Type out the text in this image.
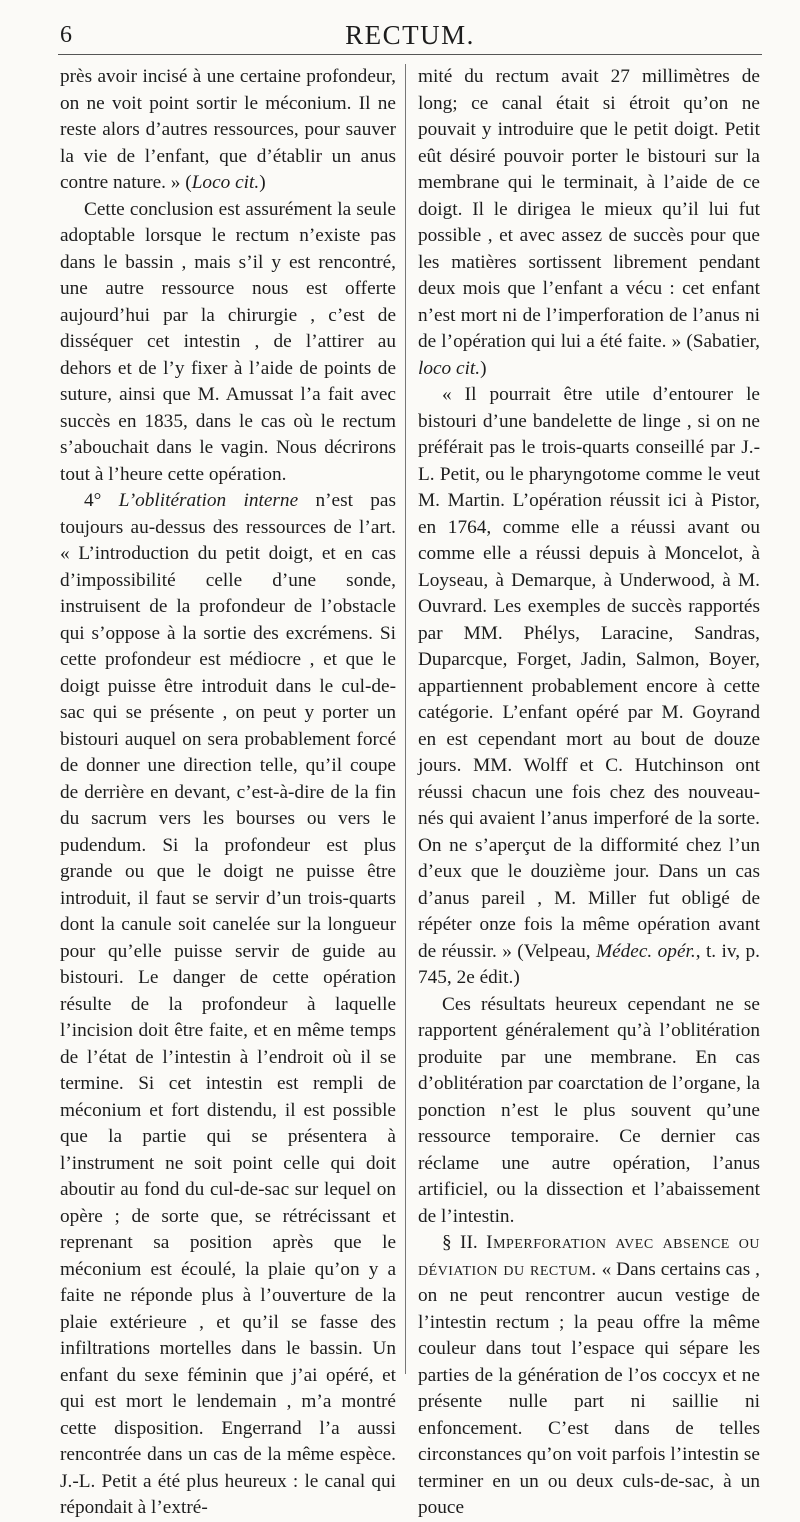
6	RECTUM.

près avoir incisé à une certaine profondeur, on ne voit point sortir le méconium. Il ne reste alors d’autres ressources, pour sauver la vie de l’enfant, que d’établir un anus contre nature. » (Loco cit.)

Cette conclusion est assurément la seule adoptable lorsque le rectum n’existe pas dans le bassin , mais s’il y est rencontré, une autre ressource nous est offerte aujourd’hui par la chirurgie , c’est de disséquer cet intestin , de l’attirer au dehors et de l’y fixer à l’aide de points de suture, ainsi que M. Amussat l’a fait avec succès en 1835, dans le cas où le rectum s’abouchait dans le vagin. Nous décrirons tout à l’heure cette opération.

4° L’oblitération interne n’est pas toujours au-dessus des ressources de l’art. « L’introduction du petit doigt, et en cas d’impossibilité celle d’une sonde, instruisent de la profondeur de l’obstacle qui s’oppose à la sortie des excrémens. Si cette profondeur est médiocre , et que le doigt puisse être introduit dans le cul-de-sac qui se présente , on peut y porter un bistouri auquel on sera probablement forcé de donner une direction telle, qu’il coupe de derrière en devant, c’est-à-dire de la fin du sacrum vers les bourses ou vers le pudendum. Si la profondeur est plus grande ou que le doigt ne puisse être introduit, il faut se servir d’un trois-quarts dont la canule soit canelée sur la longueur pour qu’elle puisse servir de guide au bistouri. Le danger de cette opération résulte de la profondeur à laquelle l’incision doit être faite, et en même temps de l’état de l’intestin à l’endroit où il se termine. Si cet intestin est rempli de méconium et fort distendu, il est possible que la partie qui se présentera à l’instrument ne soit point celle qui doit aboutir au fond du cul-de-sac sur lequel on opère ; de sorte que, se rétrécissant et reprenant sa position après que le méconium est écoulé, la plaie qu’on y a faite ne réponde plus à l’ouverture de la plaie extérieure , et qu’il se fasse des infiltrations mortelles dans le bassin. Un enfant du sexe féminin que j’ai opéré, et qui est mort le lendemain , m’a montré cette disposition. Engerrand l’a aussi rencontrée dans un cas de la même espèce. J.-L. Petit a été plus heureux : le canal qui répondait à l’extré-

mité du rectum avait 27 millimètres de long; ce canal était si étroit qu’on ne pouvait y introduire que le petit doigt. Petit eût désiré pouvoir porter le bistouri sur la membrane qui le terminait, à l’aide de ce doigt. Il le dirigea le mieux qu’il lui fut possible , et avec assez de succès pour que les matières sortissent librement pendant deux mois que l’enfant a vécu : cet enfant n’est mort ni de l’imperforation de l’anus ni de l’opération qui lui a été faite. » (Sabatier, loco cit.)

« Il pourrait être utile d’entourer le bistouri d’une bandelette de linge , si on ne préférait pas le trois-quarts conseillé par J.-L. Petit, ou le pharyngotome comme le veut M. Martin. L’opération réussit ici à Pistor, en 1764, comme elle a réussi avant ou comme elle a réussi depuis à Moncelot, à Loyseau, à Demarque, à Underwood, à M. Ouvrard. Les exemples de succès rapportés par MM. Phélys, Laracine, Sandras, Duparcque, Forget, Jadin, Salmon, Boyer, appartiennent probablement encore à cette catégorie. L’enfant opéré par M. Goyrand en est cependant mort au bout de douze jours. MM. Wolff et C. Hutchinson ont réussi chacun une fois chez des nouveau-nés qui avaient l’anus imperforé de la sorte. On ne s’aperçut de la difformité chez l’un d’eux que le douzième jour. Dans un cas d’anus pareil , M. Miller fut obligé de répéter onze fois la même opération avant de réussir. » (Velpeau, Médec. opér., t. iv, p. 745, 2e édit.)

Ces résultats heureux cependant ne se rapportent généralement qu’à l’oblitération produite par une membrane. En cas d’oblitération par coarctation de l’organe, la ponction n’est le plus souvent qu’une ressource temporaire. Ce dernier cas réclame une autre opération, l’anus artificiel, ou la dissection et l’abaissement de l’intestin.

§ II. Imperforation avec absence ou déviation du rectum. « Dans certains cas , on ne peut rencontrer aucun vestige de l’intestin rectum ; la peau offre la même couleur dans tout l’espace qui sépare les parties de la génération de l’os coccyx et ne présente nulle part ni saillie ni enfoncement. C’est dans de telles circonstances qu’on voit parfois l’intestin se terminer en un ou deux culs-de-sac, à un pouce
